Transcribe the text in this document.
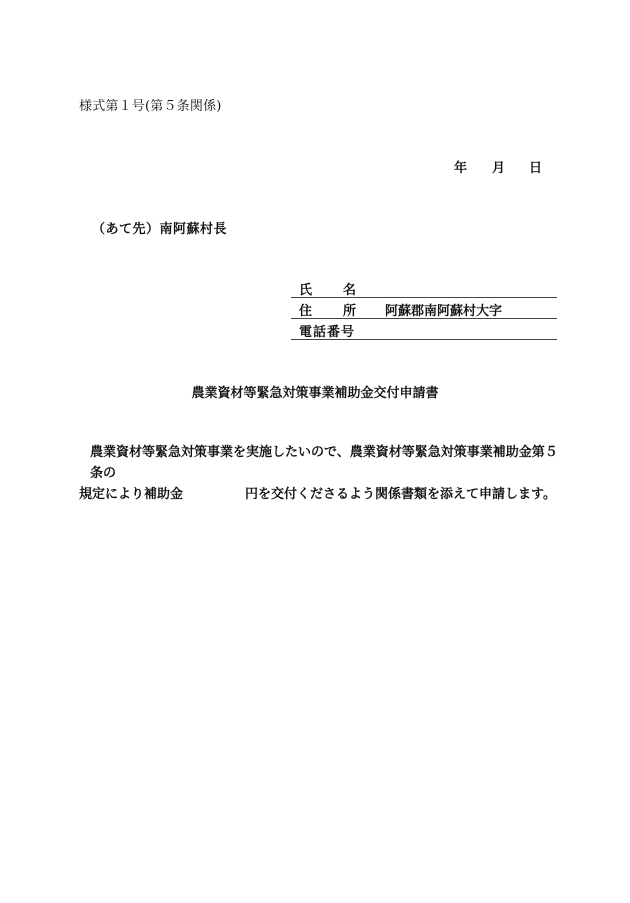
様式第１号(第５条関係)
年 月 日
（あて先）南阿蘇村長
氏 名
住 所 阿蘇郡南阿蘇村大字
電 話 番 号
農業資材等緊急対策事業補助金交付申請書
農業資材等緊急対策事業を実施したいので、農業資材等緊急対策事業補助金第５条の
規定により補助金	円を交付くださるよう関係書類を添えて申請します。
